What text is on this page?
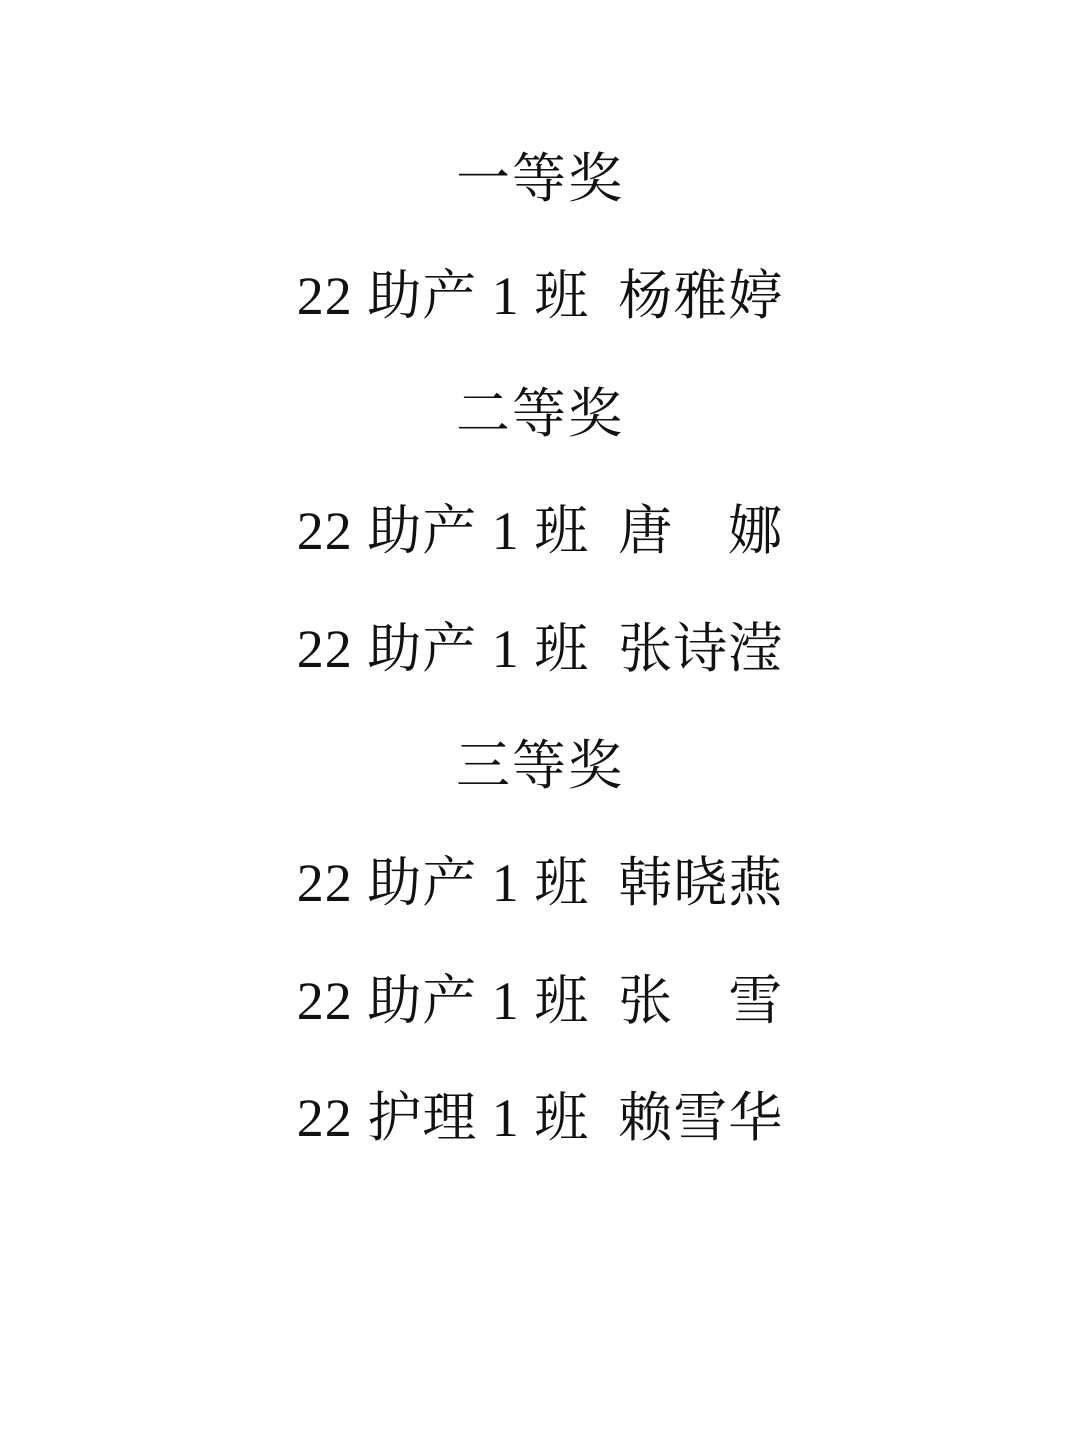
一等奖
22 助产 1 班  杨雅婷
二等奖
22 助产 1 班  唐　娜
22 助产 1 班  张诗滢
三等奖
22 助产 1 班  韩晓燕
22 助产 1 班  张　雪
22 护理 1 班  赖雪华
